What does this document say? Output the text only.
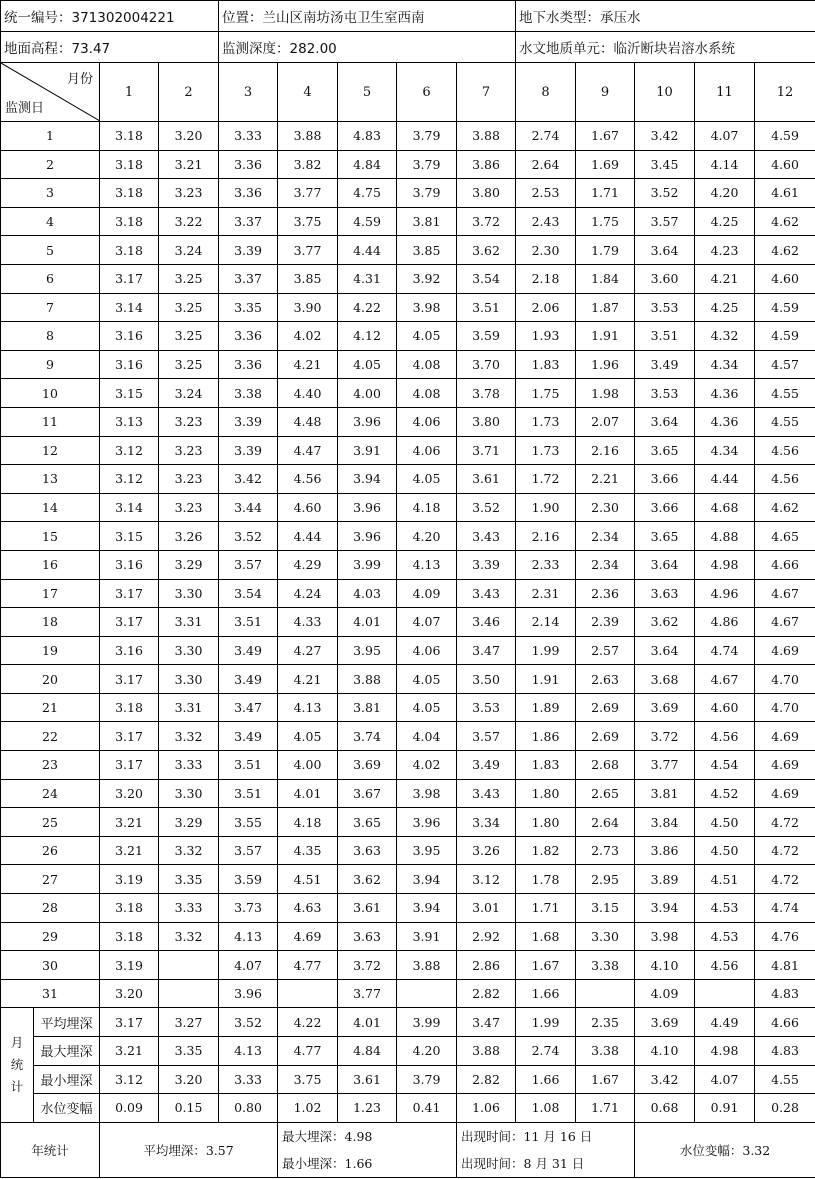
统一编号：371302004221				位置：兰山区南坊汤屯卫生室西南					地下水类型：承压水				
地面高程：73.47				监测深度：282.00					水文地质单元：临沂断块岩溶水系统				

月份
监测日		1	2	3	4	5	6	7	8	9	10	11	12
1		3.18	3.20	3.33	3.88	4.83	3.79	3.88	2.74	1.67	3.42	4.07	4.59
2		3.18	3.21	3.36	3.82	4.84	3.79	3.86	2.64	1.69	3.45	4.14	4.60
3		3.18	3.23	3.36	3.77	4.75	3.79	3.80	2.53	1.71	3.52	4.20	4.61
4		3.18	3.22	3.37	3.75	4.59	3.81	3.72	2.43	1.75	3.57	4.25	4.62
5		3.18	3.24	3.39	3.77	4.44	3.85	3.62	2.30	1.79	3.64	4.23	4.62
6		3.17	3.25	3.37	3.85	4.31	3.92	3.54	2.18	1.84	3.60	4.21	4.60
7		3.14	3.25	3.35	3.90	4.22	3.98	3.51	2.06	1.87	3.53	4.25	4.59
8		3.16	3.25	3.36	4.02	4.12	4.05	3.59	1.93	1.91	3.51	4.32	4.59
9		3.16	3.25	3.36	4.21	4.05	4.08	3.70	1.83	1.96	3.49	4.34	4.57
10		3.15	3.24	3.38	4.40	4.00	4.08	3.78	1.75	1.98	3.53	4.36	4.55
11		3.13	3.23	3.39	4.48	3.96	4.06	3.80	1.73	2.07	3.64	4.36	4.55
12		3.12	3.23	3.39	4.47	3.91	4.06	3.71	1.73	2.16	3.65	4.34	4.56
13		3.12	3.23	3.42	4.56	3.94	4.05	3.61	1.72	2.21	3.66	4.44	4.56
14		3.14	3.23	3.44	4.60	3.96	4.18	3.52	1.90	2.30	3.66	4.68	4.62
15		3.15	3.26	3.52	4.44	3.96	4.20	3.43	2.16	2.34	3.65	4.88	4.65
16		3.16	3.29	3.57	4.29	3.99	4.13	3.39	2.33	2.34	3.64	4.98	4.66
17		3.17	3.30	3.54	4.24	4.03	4.09	3.43	2.31	2.36	3.63	4.96	4.67
18		3.17	3.31	3.51	4.33	4.01	4.07	3.46	2.14	2.39	3.62	4.86	4.67
19		3.16	3.30	3.49	4.27	3.95	4.06	3.47	1.99	2.57	3.64	4.74	4.69
20		3.17	3.30	3.49	4.21	3.88	4.05	3.50	1.91	2.63	3.68	4.67	4.70
21		3.18	3.31	3.47	4.13	3.81	4.05	3.53	1.89	2.69	3.69	4.60	4.70
22		3.17	3.32	3.49	4.05	3.74	4.04	3.57	1.86	2.69	3.72	4.56	4.69
23		3.17	3.33	3.51	4.00	3.69	4.02	3.49	1.83	2.68	3.77	4.54	4.69
24		3.20	3.30	3.51	4.01	3.67	3.98	3.43	1.80	2.65	3.81	4.52	4.69
25		3.21	3.29	3.55	4.18	3.65	3.96	3.34	1.80	2.64	3.84	4.50	4.72
26		3.21	3.32	3.57	4.35	3.63	3.95	3.26	1.82	2.73	3.86	4.50	4.72
27		3.19	3.35	3.59	4.51	3.62	3.94	3.12	1.78	2.95	3.89	4.51	4.72
28		3.18	3.33	3.73	4.63	3.61	3.94	3.01	1.71	3.15	3.94	4.53	4.74
29		3.18	3.32	4.13	4.69	3.63	3.91	2.92	1.68	3.30	3.98	4.53	4.76
30		3.19		4.07	4.77	3.72	3.88	2.86	1.67	3.38	4.10	4.56	4.81
31		3.20		3.96		3.77		2.82	1.66		4.09		4.83
月统计	平均埋深	3.17	3.27	3.52	4.22	4.01	3.99	3.47	1.99	2.35	3.69	4.49	4.66
	最大埋深	3.21	3.35	4.13	4.77	4.84	4.20	3.88	2.74	3.38	4.10	4.98	4.83
	最小埋深	3.12	3.20	3.33	3.75	3.61	3.79	2.82	1.66	1.67	3.42	4.07	4.55
	水位变幅	0.09	0.15	0.80	1.02	1.23	0.41	1.06	1.08	1.71	0.68	0.91	0.28
年统计		平均埋深：3.57			最大埋深：4.98			出现时间：11 月 16 日			水位变幅：3.32		
					最小埋深：1.66			出现时间：8 月 31 日					
